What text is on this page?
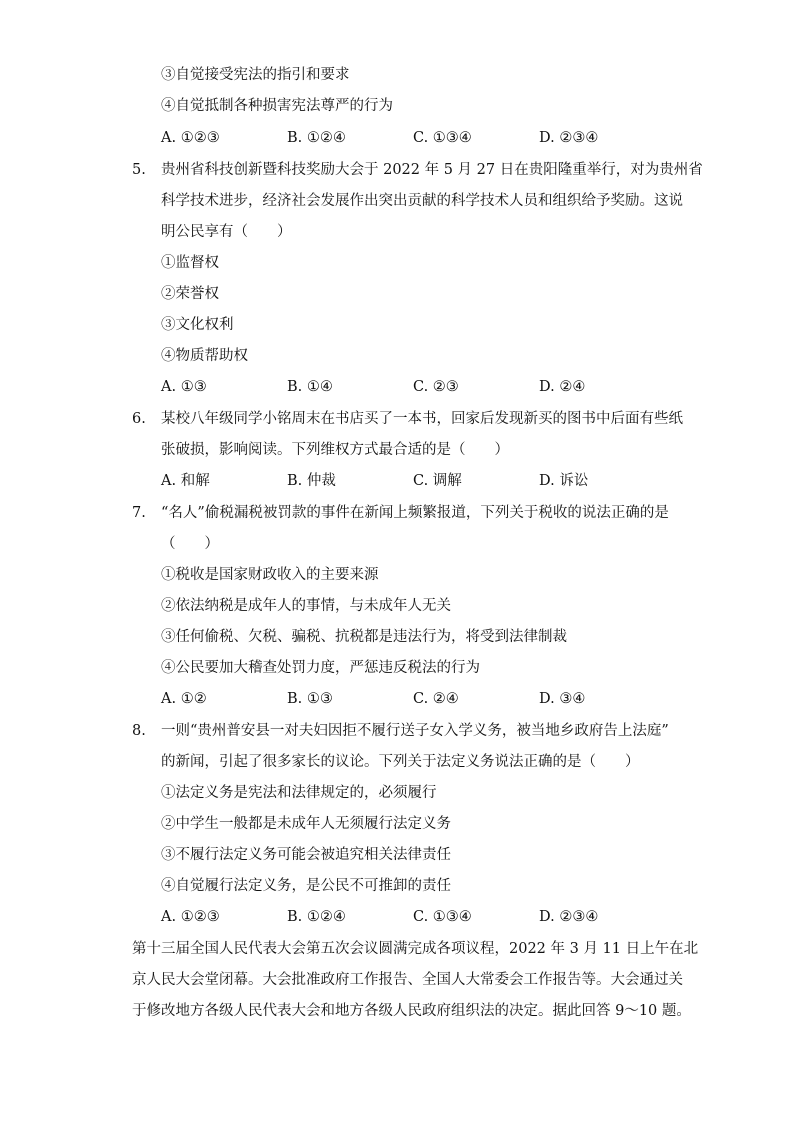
③自觉接受宪法的指引和要求
④自觉抵制各种损害宪法尊严的行为
A. ①②③	B. ①②④	C. ①③④	D. ②③④
5. 贵州省科技创新暨科技奖励大会于 2022 年 5 月 27 日在贵阳隆重举行，对为贵州省
科学技术进步，经济社会发展作出突出贡献的科学技术人员和组织给予奖励。这说
明公民享有（　　）
①监督权
②荣誉权
③文化权利
④物质帮助权
A. ①③	B. ①④	C. ②③	D. ②④
6. 某校八年级同学小铭周末在书店买了一本书，回家后发现新买的图书中后面有些纸
张破损，影响阅读。下列维权方式最合适的是（　　）
A. 和解	B. 仲裁	C. 调解	D. 诉讼
7. “名人”偷税漏税被罚款的事件在新闻上频繁报道，下列关于税收的说法正确的是
（　　）
①税收是国家财政收入的主要来源
②依法纳税是成年人的事情，与未成年人无关
③任何偷税、欠税、骗税、抗税都是违法行为，将受到法律制裁
④公民要加大稽查处罚力度，严惩违反税法的行为
A. ①②	B. ①③	C. ②④	D. ③④
8. 一则“贵州普安县一对夫妇因拒不履行送子女入学义务，被当地乡政府告上法庭”
的新闻，引起了很多家长的议论。下列关于法定义务说法正确的是（　　）
①法定义务是宪法和法律规定的，必须履行
②中学生一般都是未成年人无须履行法定义务
③不履行法定义务可能会被追究相关法律责任
④自觉履行法定义务，是公民不可推卸的责任
A. ①②③	B. ①②④	C. ①③④	D. ②③④
第十三届全国人民代表大会第五次会议圆满完成各项议程，2022 年 3 月 11 日上午在北
京人民大会堂闭幕。大会批准政府工作报告、全国人大常委会工作报告等。大会通过关
于修改地方各级人民代表大会和地方各级人民政府组织法的决定。据此回答 9～10 题。
